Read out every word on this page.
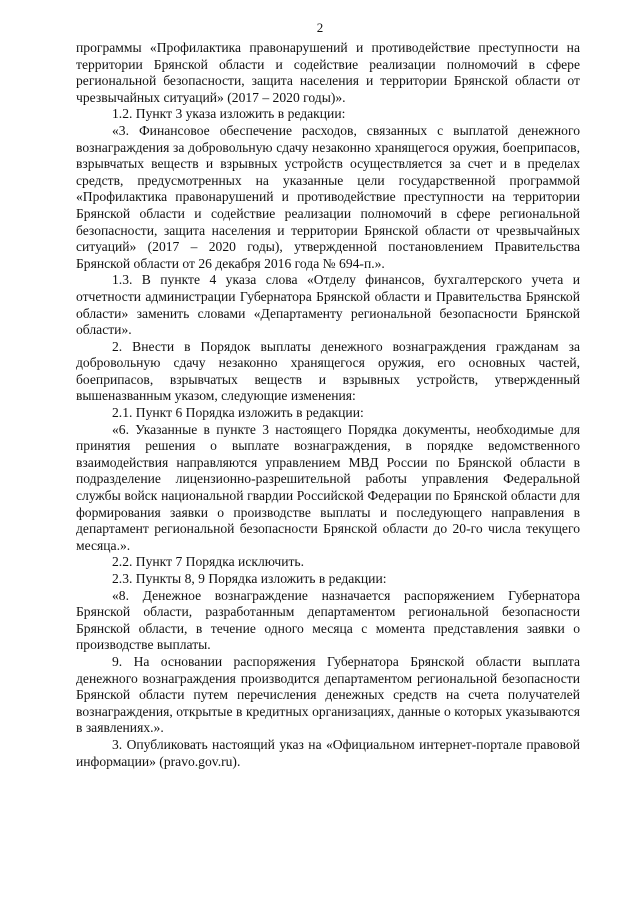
2

программы «Профилактика правонарушений и противодействие преступности на территории Брянской области и содействие реализации полномочий в сфере региональной безопасности, защита населения и территории Брянской области от чрезвычайных ситуаций» (2017 – 2020 годы)».

1.2. Пункт 3 указа изложить в редакции:

«3. Финансовое обеспечение расходов, связанных с выплатой денежного вознаграждения за добровольную сдачу незаконно хранящегося оружия, боеприпасов, взрывчатых веществ и взрывных устройств осуществляется за счет и в пределах средств, предусмотренных на указанные цели государственной программой «Профилактика правонарушений и противодействие преступности на территории Брянской области и содействие реализации полномочий в сфере региональной безопасности, защита населения и территории Брянской области от чрезвычайных ситуаций» (2017 – 2020 годы), утвержденной постановлением Правительства Брянской области от 26 декабря 2016 года № 694-п.».

1.3. В пункте 4 указа слова «Отделу финансов, бухгалтерского учета и отчетности администрации Губернатора Брянской области и Правительства Брянской области» заменить словами «Департаменту региональной безопасности Брянской области».

2. Внести в Порядок выплаты денежного вознаграждения гражданам за добровольную сдачу незаконно хранящегося оружия, его основных частей, боеприпасов, взрывчатых веществ и взрывных устройств, утвержденный вышеназванным указом, следующие изменения:

2.1. Пункт 6 Порядка изложить в редакции:

«6. Указанные в пункте 3 настоящего Порядка документы, необходимые для принятия решения о выплате вознаграждения, в порядке ведомственного взаимодействия направляются управлением МВД России по Брянской области в подразделение лицензионно-разрешительной работы управления Федеральной службы войск национальной гвардии Российской Федерации по Брянской области для формирования заявки о производстве выплаты и последующего направления в департамент региональной безопасности Брянской области до 20-го числа текущего месяца.».

2.2. Пункт 7 Порядка исключить.

2.3. Пункты 8, 9 Порядка изложить в редакции:

«8. Денежное вознаграждение назначается распоряжением Губернатора Брянской области, разработанным департаментом региональной безопасности Брянской области, в течение одного месяца с момента представления заявки о производстве выплаты.

9. На основании распоряжения Губернатора Брянской области выплата денежного вознаграждения производится департаментом региональной безопасности Брянской области путем перечисления денежных средств на счета получателей вознаграждения, открытые в кредитных организациях, данные о которых указываются в заявлениях.».

3. Опубликовать настоящий указ на «Официальном интернет-портале правовой информации» (pravo.gov.ru).
